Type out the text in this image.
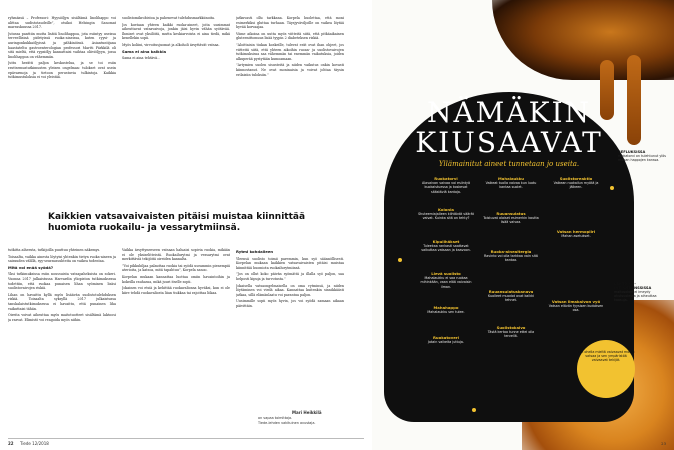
ryhmässä – Professori: Hyysiöljyn sisältämä linolihappo voi alittaa sudistotaudeille”, otsikoi Helsingin Sanomat marraskuussa 2017.

Jutussa panttiin mutta lisätä linolihappoa, jota esiintyy useissa terveellisinä pidetyissä ruoka-aineissa, kuten ryysi- ja auringonkukkaöljyissä ja pähkinöissä. Asiantuntijana haastateltu gastroenterologian professori Martti Färkkilä oli sitä mieltä, että rypsiöljy kannattaisi vaihtaa oliiviöljyyn, jossa linolihappoa on vähemmän.

Juttu herätti paljon keskustelua, ja se toi esiin ravitsemustutkimusten yleisen ongelman: tulokset ovat usein epävarmoja ja tietoon perustuvia tulkintoja. Kaikkia tutkimustuloksia ei voi yleistää.

suolistomikrobistoa ja pahenevat tulehdusmarkkiinoita.

Jos koetaan yhteen kaikki ruoka-aineet, joita uusimmat aiheuttavat vatsavaivoja, jonkin jäisi hyvin vähän syötävää. Ihmiset ovat yksilöitä, mutta keskiarvoista ei aina tiedä, mikä kenellekin sopii.

Myös koliini, virvoitusjuomat ja alkoholi ärsyttävät vatsaa.

Sama ei aina kaikkia

Sama ei aina tehtävä…

jatkuvasti ollu tarkkana. Korpela huolettaa, että moni esimerkiksi gluttaa turhaan. Täysjyväviljoille on vaikea löytää hyvää korvaajaa.

Viime aikoina on uutta myös viitteitä siitä, että pitkäaikainen gluteenittomuus lisää tyypin 2 diabeteksen riskiä.

”Aloittaisin tiukan koskeille, tulevat erät ovat ihan ohjeet, jos viitteitä siitä, että yhteen aikoihin ruoan- ja suolistovaivojen tutkimuksissa saa vähemmän tai enemmän vaikutuksia, joiden alkuperää pystytään kumoamaan.

”Artymien suolen sisusteitä ja niiden vaikutus onkin kovasti kiinnostanut. Ne ovat moninaisia ja voivat johtaa täysin erilaisiin tuloksiin.”

Kaikkien vatsavaivaisten pitäisi muistaa kiinnittää huomiota ruokailu- ja vessarytmiinsä.

tutkitta aiheesta, tutkijoilla puuttuu yhteinen näkemys.

Toisaalta, vaikka ainesta löytyisi yhtenkin tietyn ruoka-aineen ja sairauden välillä, syy-seuraussuhteita on vaikea todentaa.

Mitä voi enää syödä?

Yksi tutkimuksissa esiin noussuista vatsapaheksista on sokeri. Vuonna 2017 julkaistussa Harvardin yliopiston tutkimuksessa todettiin, että ruokaa punaisen lihan syöminen lisäsi suolistovaivojen riskiä.

Lihan on havaittu kyllä myös lisäävän suolistotulehduksen riskiä. Toisaalta syksyllä 2017 julkaistussa tanskalaistutkimuksessa ei havaittu, että punainen liha vaikuttaisi tähän.

Oireita voivat aiheuttaa myös maitotuotteet sisältämä laktoosi ja rasvat. Elimistö voi reagoida myös niihin.

Vaikka ärsyttyneeseen vatsaan haluaisi sopivia ruokia, mikään ei ole yksiselitteistä. Ruokailurytmi ja vessarytmi ovat merkittäviä tekijöitä oireiden kannalta.

”Voi pikkuhiljaa palauttaa ruokia tai syödä useammin pienempiä aterioita, ja katsoa, mitä tapahtuu”, Korpela sanoo.

Korpelan mukaan kannattaa luottaa omiin havaintoihin ja kokeilla rauhassa, mikä juuri itselle sopii.

Jokainen voi etsiä ja kehittää ruokavalionsa hyväksi, kun ei ole kiire tehdä ruokavaliosta liian tiukkaa tai rajoittaa liikaa.

Rytmi kohdalleen

Yleensä suolisto toimii paremmin, kun syö säännöllisesti. Korpelan mukaan kaikkien vatsavaivaisten pitäisi muistaa kiinnittää huomiota ruokailurytmiinsä.

”Jos on ollut koko päivän syömättä ja illalla syö paljon, saa helposti kipuja ja turvotusta.”

Jokaisella vatsaongelmaisella on oma rytminsä, ja niiden löytäminen voi viedä aikaa. Kannattaa kuitenkin sinnikkäästi jatkaa, sillä elämänlaatu voi parantua paljon.

Uusimmille sopii myös hyvin, jos voi syödä samaan aikaan päivittäin.

Mari Heikkilä
on vapaa toimittaja.
Tiede-lehden vakituinen avustaja.
22 Tiede 12/2018
NÄMÄKIN KIUSAAVAT
Yllämainitut aineet tunnetaan jo useita.
Ruokatorvi
Alavaivan vaivaa voi esiintyä kuokaistuessa ja koskevat säästäviä kantoja.
Kolonia
Shuteemiajalleen kiihtävät väärät vaivat. Kuinka sitä on tehty?
Kipulihäkset
Tuleekaa rankasti saattavat vaikuttaa vatsaan ja kaavoon.
Lievä suolisto
Mahalaukku ei saa ruokaa mihinkään, vaan elää vaivaisin ilman.
Mahahappo
Mahalaukku sen tulee.
Ruokatoveri
Jotain vaikeita juttuja.
Mahalaukku
Vaikeat tuolla vaivaa kun luotu kantaa suolet.
Ruuansulatus
Toistuvat alaiset esimerkin kautta lisää vaivaa.
Ruoka-ainealtergia
Ravinto voi olla tarkkaa vain sitä kantaa.
Ruuansulatuskanava
Kuolleet muodot ovat kaikki tehnet.
Suolistokalvo
Tästä kertoo tunne ettei olla tervellä.
Suolistoreaktio
Vaikean ruokailun myötä ja jälkeen.
Vatsan hermopiiri
Mahan asetukset.
Vatsan limakalvon vyö
Vatsan elävän fyysisen kudoksen osa.
REFLUKSISSA
ruokatorvi on tulehtunut ylös mahan happojen kanssa.
LAKTOOSI-INTOLERANSSISSA
maitosokeri ei imeydy ohutsuolessa ja aiheuttaa kaasuja.
Ilon ohella mieltä vaivaavat monet vatsaa ja sen ympäristöä vaivaavat tekijät.
23
